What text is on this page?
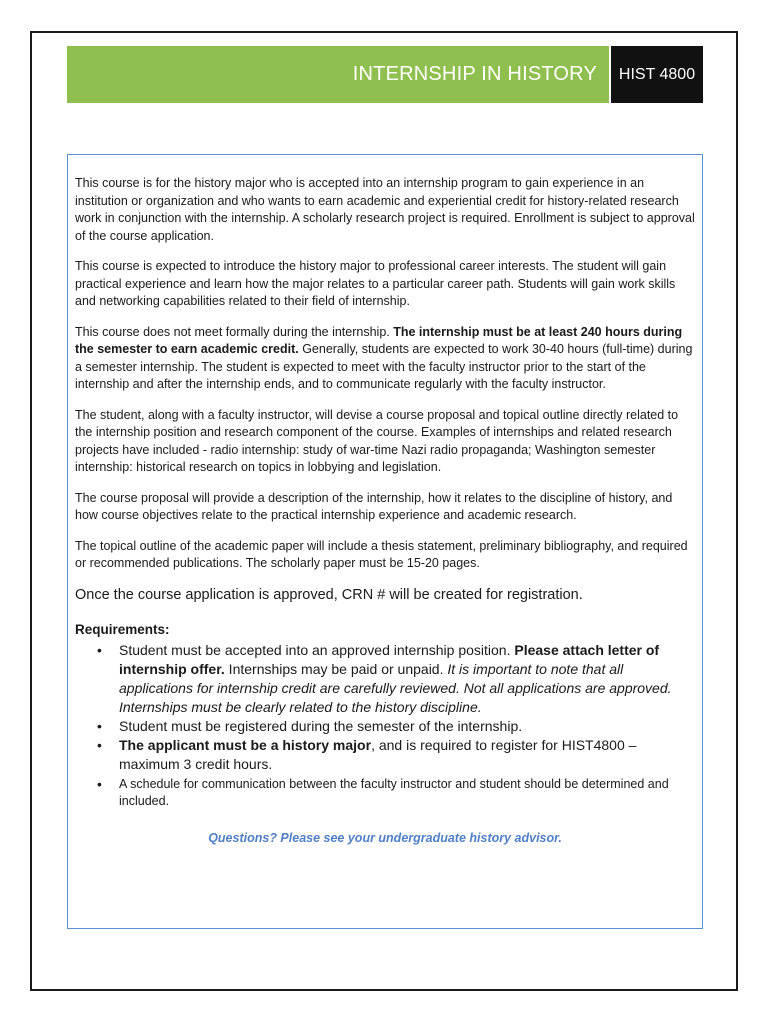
INTERNSHIP IN HISTORY	HIST 4800

This course is for the history major who is accepted into an internship program to gain experience in an institution or organization and who wants to earn academic and experiential credit for history-related research work in conjunction with the internship. A scholarly research project is required. Enrollment is subject to approval of the course application.

This course is expected to introduce the history major to professional career interests. The student will gain practical experience and learn how the major relates to a particular career path. Students will gain work skills and networking capabilities related to their field of internship.

This course does not meet formally during the internship. The internship must be at least 240 hours during the semester to earn academic credit. Generally, students are expected to work 30-40 hours (full-time) during a semester internship. The student is expected to meet with the faculty instructor prior to the start of the internship and after the internship ends, and to communicate regularly with the faculty instructor.

The student, along with a faculty instructor, will devise a course proposal and topical outline directly related to the internship position and research component of the course. Examples of internships and related research projects have included - radio internship: study of war-time Nazi radio propaganda; Washington semester internship: historical research on topics in lobbying and legislation.

The course proposal will provide a description of the internship, how it relates to the discipline of history, and how course objectives relate to the practical internship experience and academic research.

The topical outline of the academic paper will include a thesis statement, preliminary bibliography, and required or recommended publications. The scholarly paper must be 15-20 pages.

Once the course application is approved, CRN # will be created for registration.

Requirements:
• Student must be accepted into an approved internship position. Please attach letter of internship offer. Internships may be paid or unpaid. It is important to note that all applications for internship credit are carefully reviewed. Not all applications are approved. Internships must be clearly related to the history discipline.
• Student must be registered during the semester of the internship.
• The applicant must be a history major, and is required to register for HIST4800 – maximum 3 credit hours.
• A schedule for communication between the faculty instructor and student should be determined and included.
Questions? Please see your undergraduate history advisor.
